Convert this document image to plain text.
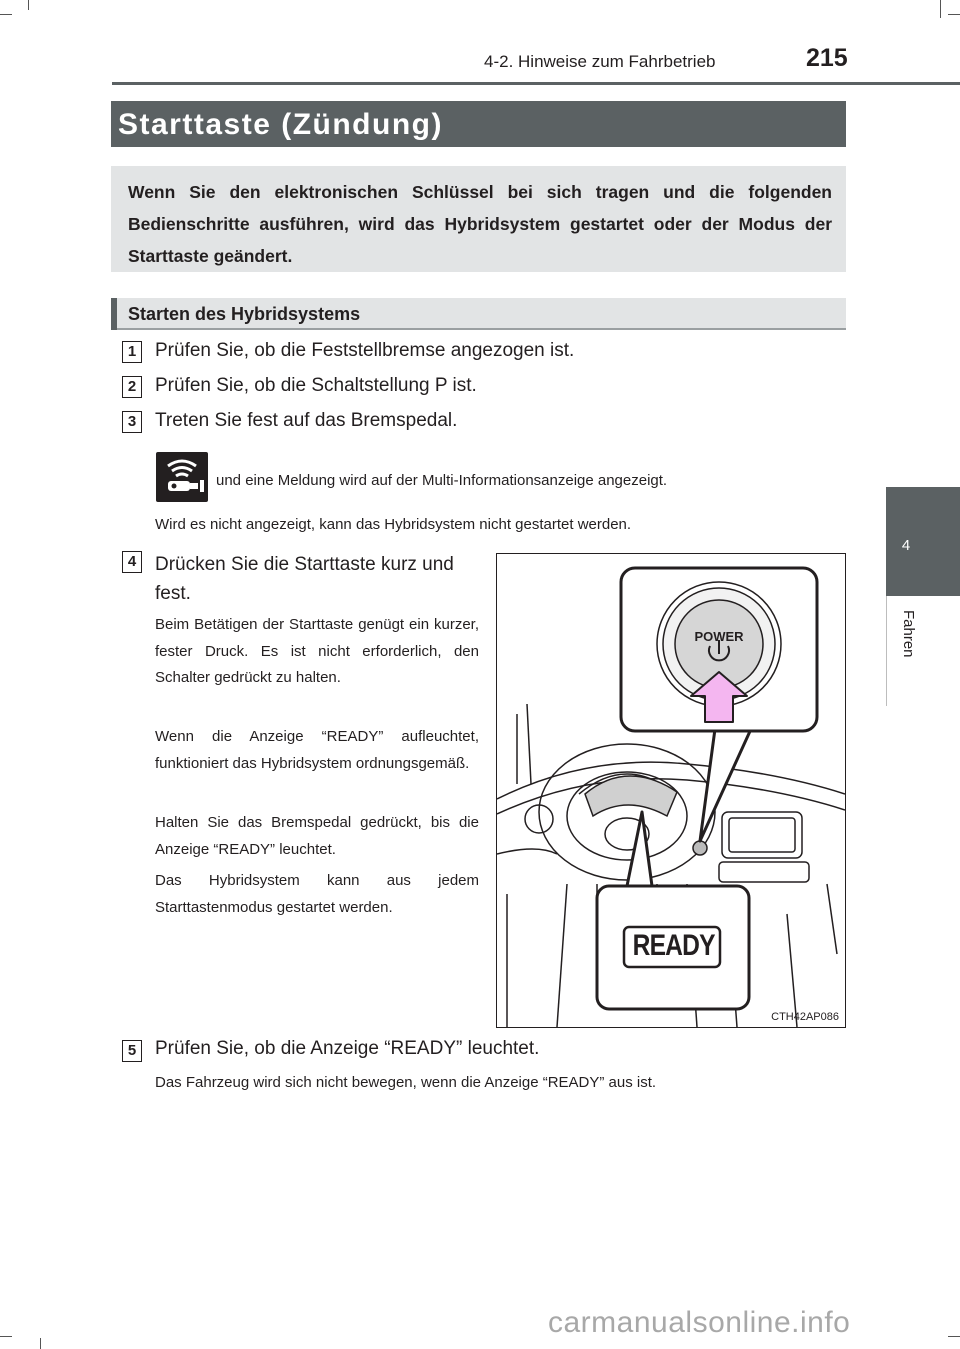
4-2. Hinweise zum Fahrbetrieb	215
Starttaste (Zündung)
Wenn Sie den elektronischen Schlüssel bei sich tragen und die folgenden Bedienschritte ausführen, wird das Hybridsystem gestartet oder der Modus der Starttaste geändert.
Starten des Hybridsystems
1 Prüfen Sie, ob die Feststellbremse angezogen ist.
2 Prüfen Sie, ob die Schaltstellung P ist.
3 Treten Sie fest auf das Bremspedal.
und eine Meldung wird auf der Multi-Informationsanzeige angezeigt.
Wird es nicht angezeigt, kann das Hybridsystem nicht gestartet werden.
4 Drücken Sie die Starttaste kurz und fest.
Beim Betätigen der Starttaste genügt ein kurzer, fester Druck. Es ist nicht erforderlich, den Schalter gedrückt zu halten.
Wenn die Anzeige “READY” aufleuchtet, funktioniert das Hybridsystem ordnungsgemäß.
Halten Sie das Bremspedal gedrückt, bis die Anzeige “READY” leuchtet.
Das Hybridsystem kann aus jedem Starttastenmodus gestartet werden.
POWER
READY
CTH42AP086
5 Prüfen Sie, ob die Anzeige “READY” leuchtet.
Das Fahrzeug wird sich nicht bewegen, wenn die Anzeige “READY” aus ist.
4
Fahren
carmanualsonline.info
